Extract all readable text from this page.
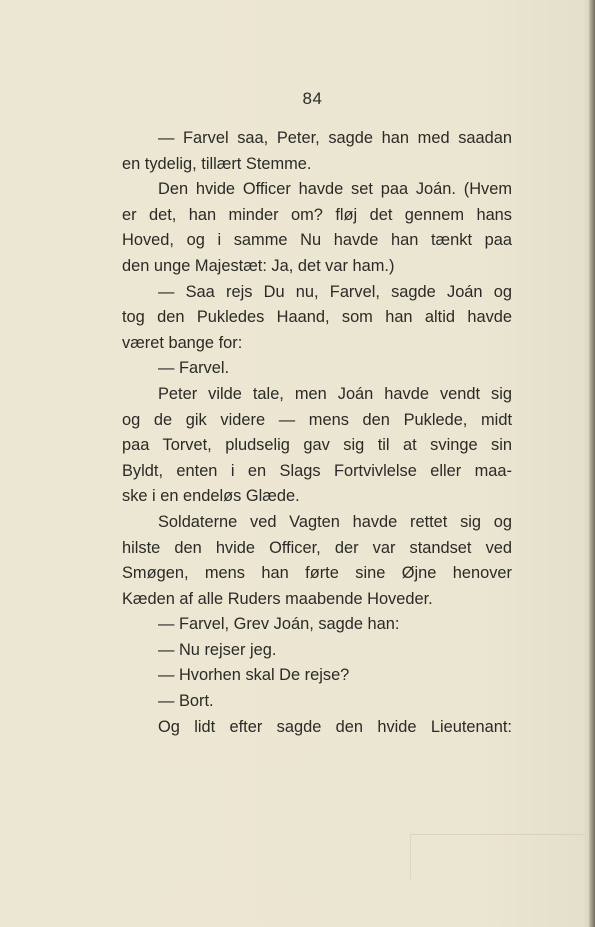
84
— Farvel saa, Peter, sagde han med saadan
en tydelig, tillært Stemme.
Den hvide Officer havde set paa Joán. (Hvem
er det, han minder om? fløj det gennem hans
Hoved, og i samme Nu havde han tænkt paa
den unge Majestæt: Ja, det var ham.)
— Saa rejs Du nu, Farvel, sagde Joán og
tog den Pukledes Haand, som han altid havde
været bange for:
— Farvel.
Peter vilde tale, men Joán havde vendt sig
og de gik videre — mens den Puklede, midt
paa Torvet, pludselig gav sig til at svinge sin
Byldt, enten i en Slags Fortvivlelse eller maa-
ske i en endeløs Glæde.
Soldaterne ved Vagten havde rettet sig og
hilste den hvide Officer, der var standset ved
Smøgen, mens han førte sine Øjne henover
Kæden af alle Ruders maabende Hoveder.
— Farvel, Grev Joán, sagde han:
— Nu rejser jeg.
— Hvorhen skal De rejse?
— Bort.
Og lidt efter sagde den hvide Lieutenant:
